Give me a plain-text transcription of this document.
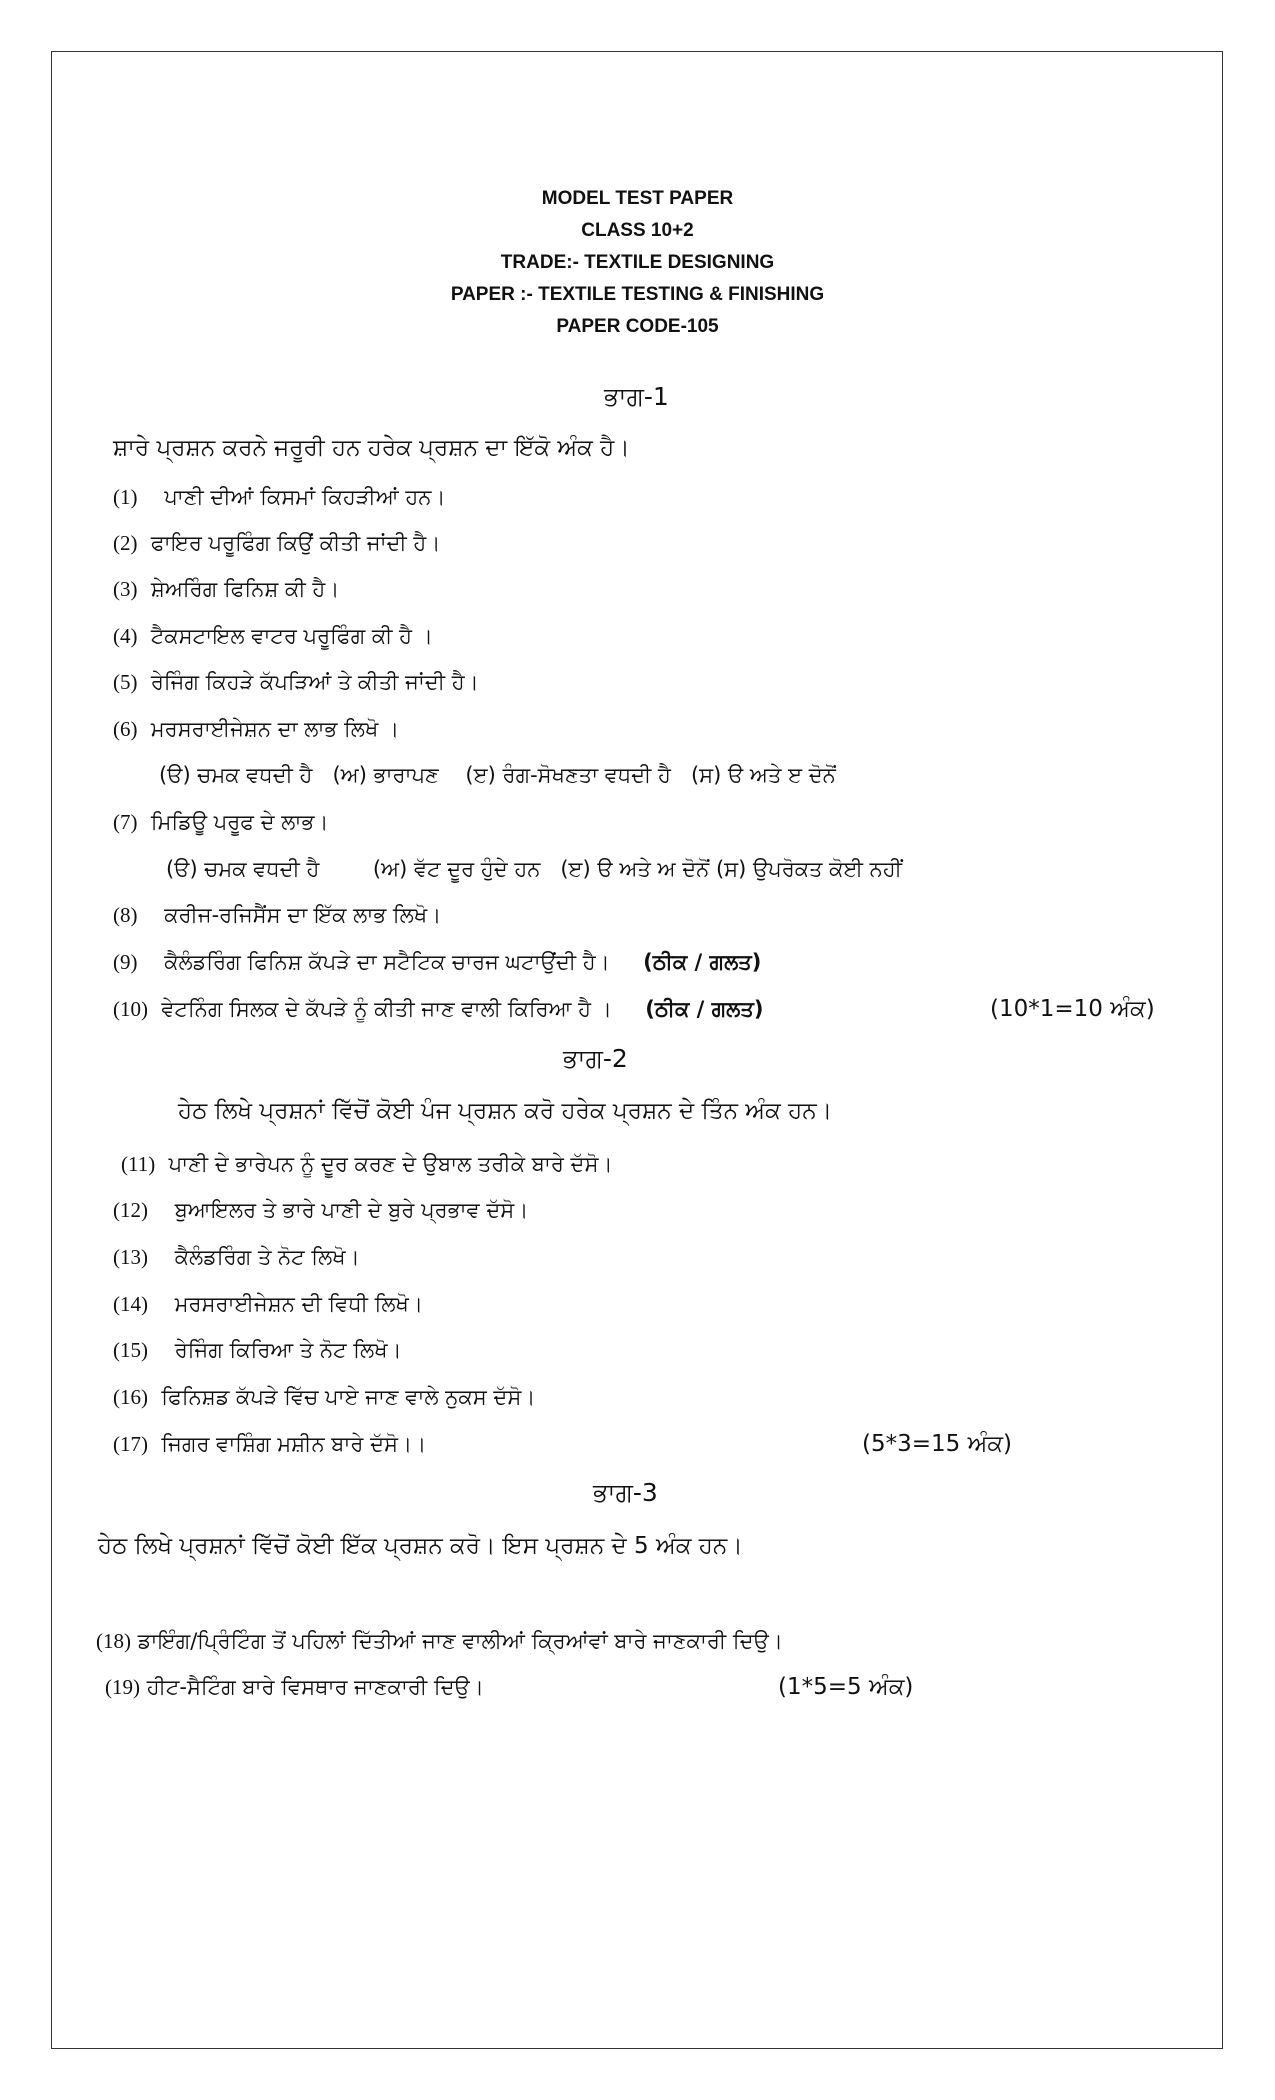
MODEL TEST PAPER
CLASS 10+2
TRADE:- TEXTILE DESIGNING
PAPER :- TEXTILE TESTING & FINISHING
PAPER CODE-105
ਭਾਗ-1
ਸ਼ਾਰੇ ਪ੍ਰਸ਼ਨ ਕਰਨੇ ਜਰੂਰੀ ਹਨ ਹਰੇਕ ਪ੍ਰਸ਼ਨ ਦਾ ਇੱਕੋ ਅੰਕ ਹੈ।
(1) ਪਾਣੀ ਦੀਆਂ ਕਿਸਮਾਂ ਕਿਹੜੀਆਂ ਹਨ।
(2) ਫਾਇਰ ਪਰੂਫਿੰਗ ਕਿਉਂ ਕੀਤੀ ਜਾਂਦੀ ਹੈ।
(3) ਸ਼ੇਅਰਿੰਗ ਫਿਨਿਸ਼ ਕੀ ਹੈ।
(4) ਟੈਕਸਟਾਇਲ ਵਾਟਰ ਪਰੂਫਿੰਗ ਕੀ ਹੈ ।
(5) ਰੇਜਿੰਗ ਕਿਹੜੇ ਕੱਪੜਿਆਂ ਤੇ ਕੀਤੀ ਜਾਂਦੀ ਹੈ।
(6) ਮਰਸਰਾਈਜੇਸ਼ਨ ਦਾ ਲਾਭ ਲਿਖੋ ।
(ੳ) ਚਮਕ ਵਧਦੀ ਹੈ   (ਅ) ਭਾਰਾਪਣ    (ੲ) ਰੰਗ-ਸੋਖਣਤਾ ਵਧਦੀ ਹੈ   (ਸ) ੳ ਅਤੇ ੲ ਦੋਨੋਂ
(7) ਮਿਡਿਊ ਪਰੂਫ ਦੇ ਲਾਭ।
(ੳ) ਚਮਕ ਵਧਦੀ ਹੈ        (ਅ) ਵੱਟ ਦੂਰ ਹੁੰਦੇ ਹਨ   (ੲ) ੳ ਅਤੇ ਅ ਦੋਨੋਂ (ਸ) ਉਪਰੋਕਤ ਕੋਈ ਨਹੀਂ
(8) ਕਰੀਜ-ਰਜਿਸੈਂਸ ਦਾ ਇੱਕ ਲਾਭ ਲਿਖੋ।
(9) ਕੈਲੰਡਰਿੰਗ ਫਿਨਿਸ਼ ਕੱਪੜੇ ਦਾ ਸਟੈਟਿਕ ਚਾਰਜ ਘਟਾਉਂਦੀ ਹੈ। (ਠੀਕ / ਗਲਤ)
(10) ਵੇਟਨਿੰਗ ਸਿਲਕ ਦੇ ਕੱਪੜੇ ਨੂੰ ਕੀਤੀ ਜਾਣ ਵਾਲੀ ਕਿਰਿਆ ਹੈ । (ਠੀਕ / ਗਲਤ)	(10*1=10 ਅੰਕ)
ਭਾਗ-2
ਹੇਠ ਲਿਖੇ ਪ੍ਰਸ਼ਨਾਂ ਵਿੱਚੋਂ ਕੋਈ ਪੰਜ ਪ੍ਰਸ਼ਨ ਕਰੋ ਹਰੇਕ ਪ੍ਰਸ਼ਨ ਦੇ ਤਿੰਨ ਅੰਕ ਹਨ।
(11) ਪਾਣੀ ਦੇ ਭਾਰੇਪਨ ਨੂੰ ਦੂਰ ਕਰਣ ਦੇ ਉਬਾਲ ਤਰੀਕੇ ਬਾਰੇ ਦੱਸੋ।
(12) ਬੁਆਇਲਰ ਤੇ ਭਾਰੇ ਪਾਣੀ ਦੇ ਬੁਰੇ ਪ੍ਰਭਾਵ ਦੱਸੋ।
(13) ਕੈਲੰਡਰਿੰਗ ਤੇ ਨੋਟ ਲਿਖੋ।
(14) ਮਰਸਰਾਈਜੇਸ਼ਨ ਦੀ ਵਿਧੀ ਲਿਖੋ।
(15) ਰੇਜਿੰਗ ਕਿਰਿਆ ਤੇ ਨੋਟ ਲਿਖੋ।
(16) ਫਿਨਿਸ਼ਡ ਕੱਪੜੇ ਵਿੱਚ ਪਾਏ ਜਾਣ ਵਾਲੇ ਨੁਕਸ ਦੱਸੋ।
(17) ਜਿਗਰ ਵਾਸ਼ਿੰਗ ਮਸ਼ੀਨ ਬਾਰੇ ਦੱਸੋ।।	(5*3=15 ਅੰਕ)
ਭਾਗ-3
ਹੇਠ ਲਿਖੇ ਪ੍ਰਸ਼ਨਾਂ ਵਿੱਚੋਂ ਕੋਈ ਇੱਕ ਪ੍ਰਸ਼ਨ ਕਰੋ। ਇਸ ਪ੍ਰਸ਼ਨ ਦੇ 5 ਅੰਕ ਹਨ।
(18) ਡਾਇੰਗ/ਪ੍ਰਿੰਟਿੰਗ ਤੋਂ ਪਹਿਲਾਂ ਦਿੱਤੀਆਂ ਜਾਣ ਵਾਲੀਆਂ ਕ੍ਰਿਆਂਵਾਂ ਬਾਰੇ ਜਾਣਕਾਰੀ ਦਿਉ।
(19) ਹੀਟ-ਸੈਟਿੰਗ ਬਾਰੇ ਵਿਸਥਾਰ ਜਾਣਕਾਰੀ ਦਿਉ।	(1*5=5 ਅੰਕ)
